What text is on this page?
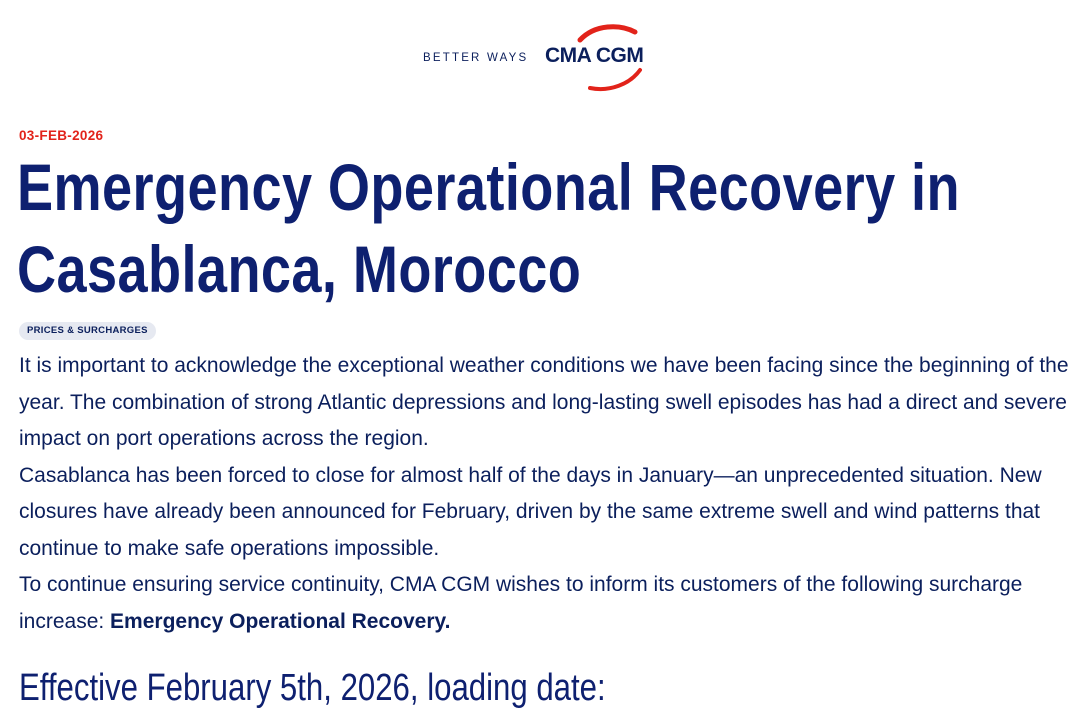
BETTER WAYS CMA CGM
03-FEB-2026
Emergency Operational Recovery in Casablanca, Morocco
PRICES & SURCHARGES

It is important to acknowledge the exceptional weather conditions we have been facing since the beginning of the year. The combination of strong Atlantic depressions and long-lasting swell episodes has had a direct and severe impact on port operations across the region.

Casablanca has been forced to close for almost half of the days in January—an unprecedented situation. New closures have already been announced for February, driven by the same extreme swell and wind patterns that continue to make safe operations impossible.

To continue ensuring service continuity, CMA CGM wishes to inform its customers of the following surcharge increase: Emergency Operational Recovery.

Effective February 5th, 2026, loading date:
